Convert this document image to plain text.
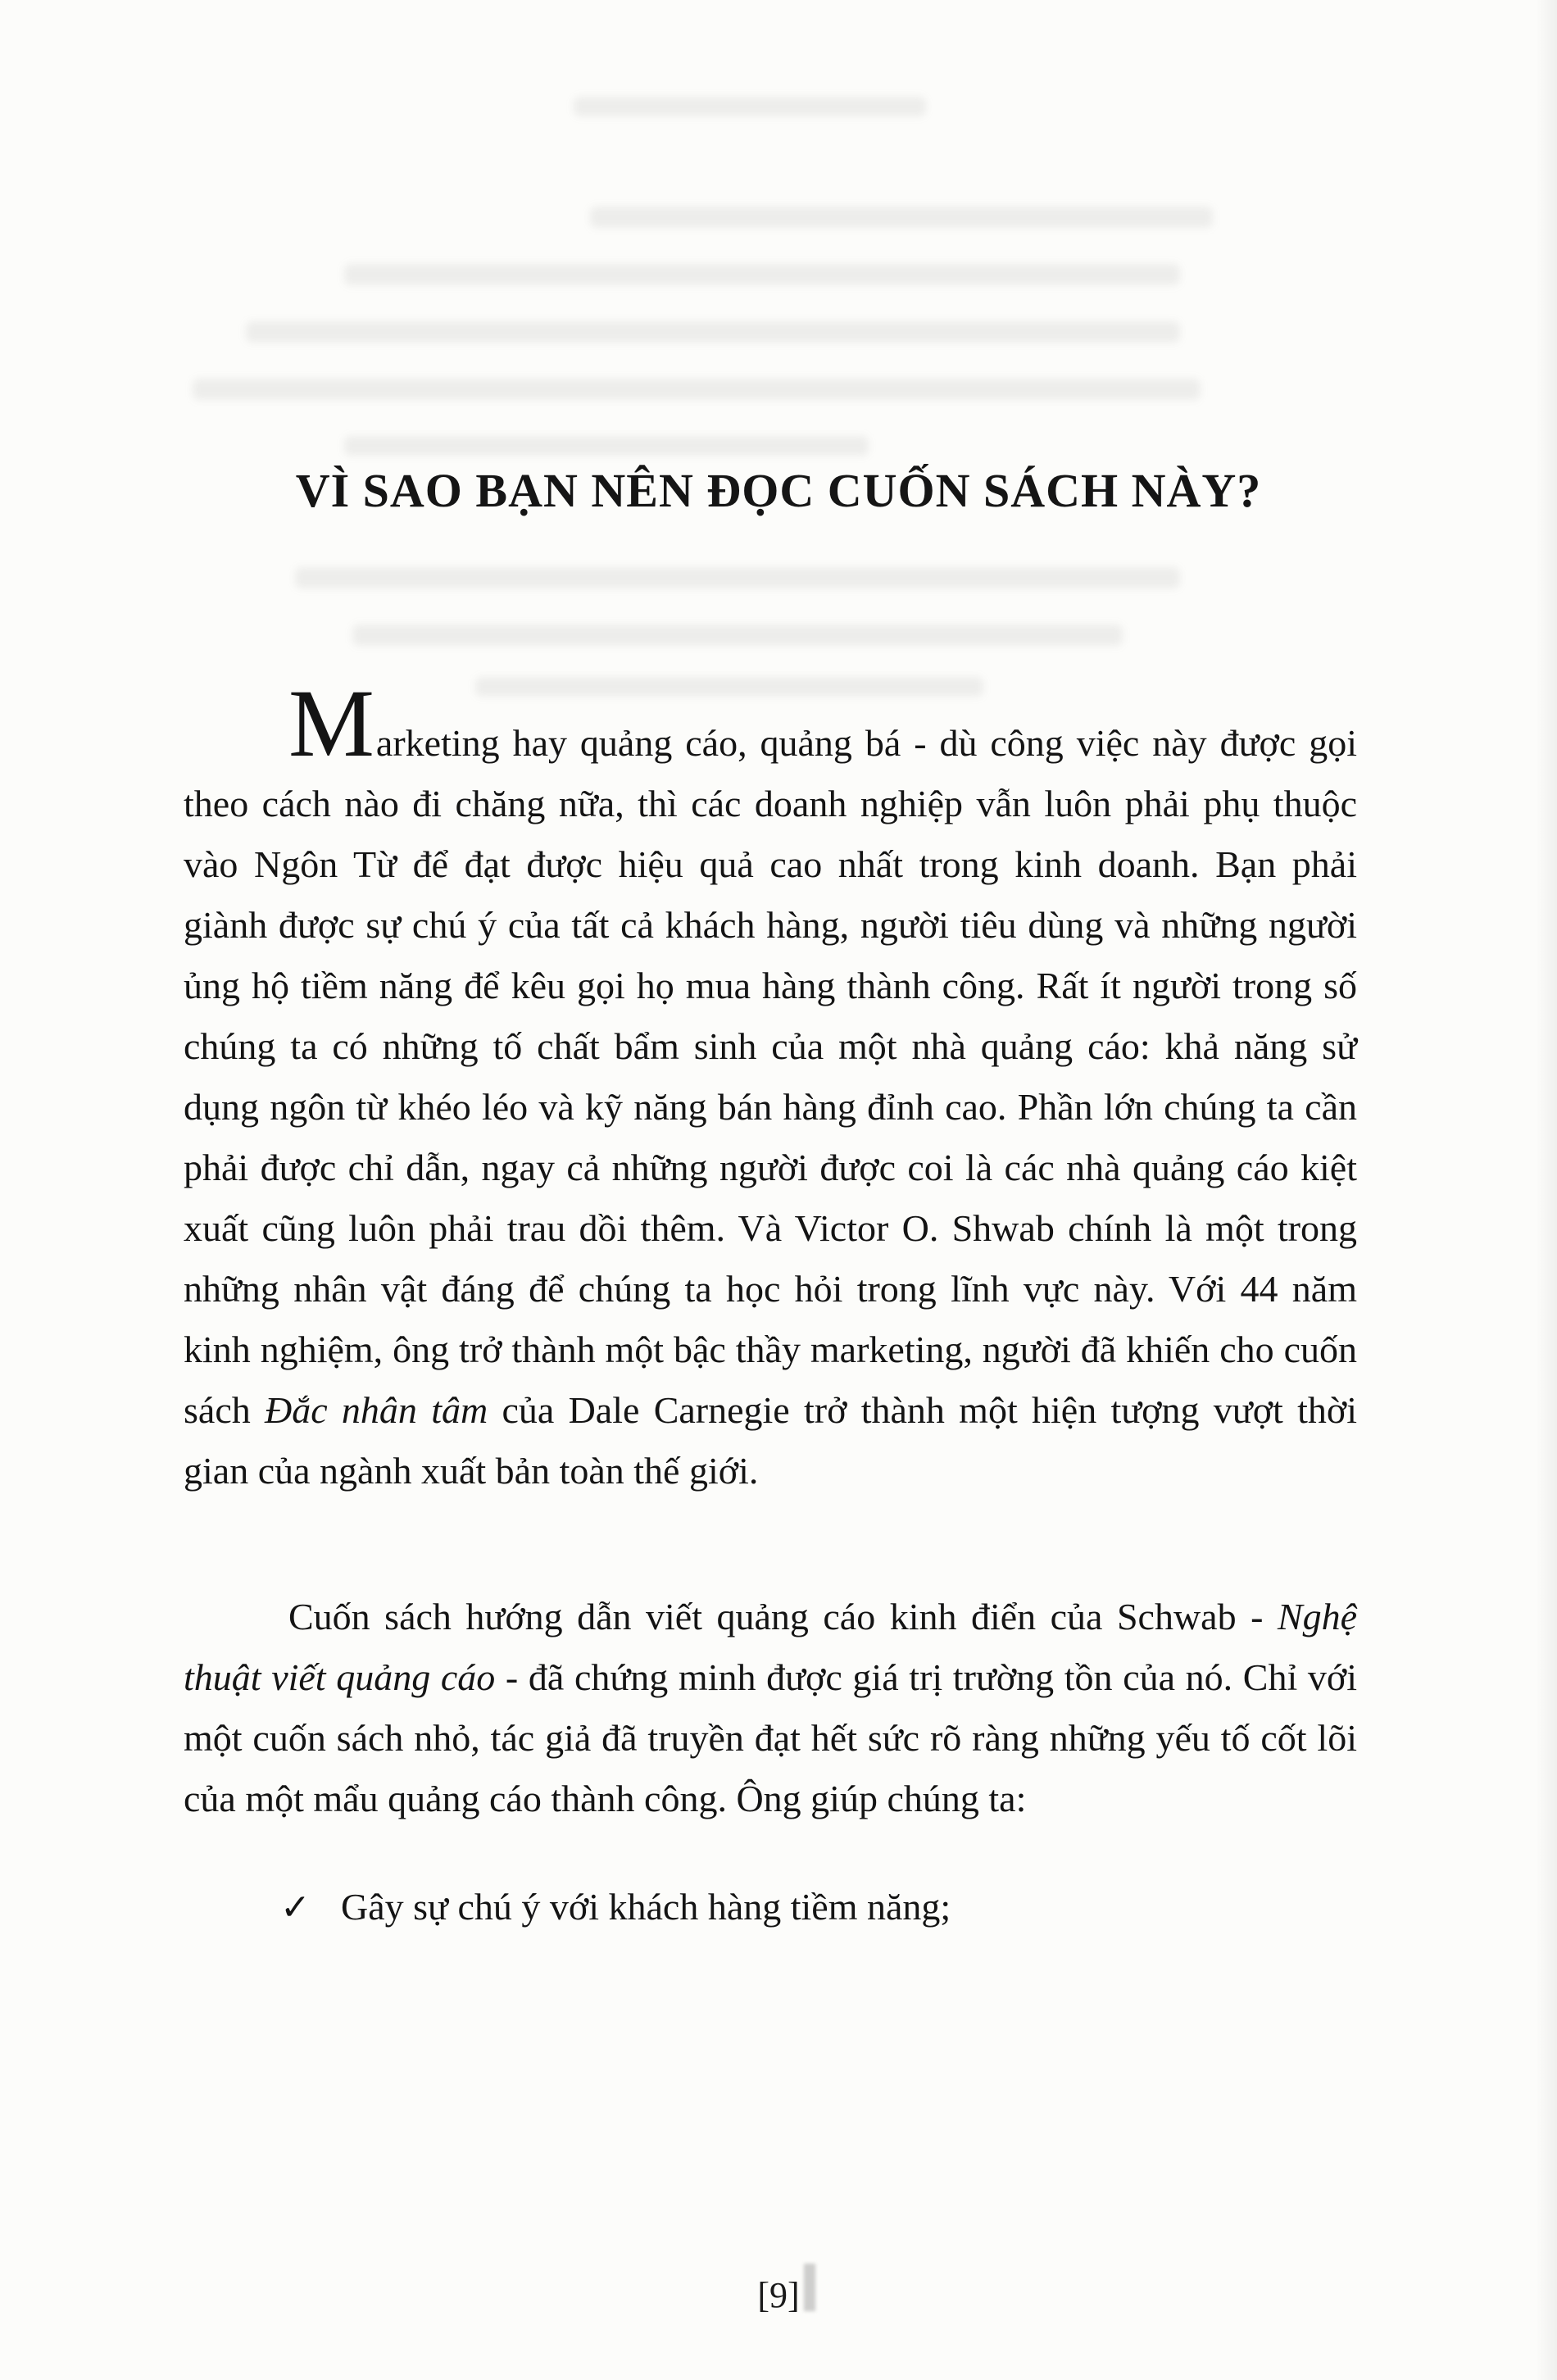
VÌ SAO BẠN NÊN ĐỌC CUỐN SÁCH NÀY?

Marketing hay quảng cáo, quảng bá - dù công việc này được gọi theo cách nào đi chăng nữa, thì các doanh nghiệp vẫn luôn phải phụ thuộc vào Ngôn Từ để đạt được hiệu quả cao nhất trong kinh doanh. Bạn phải giành được sự chú ý của tất cả khách hàng, người tiêu dùng và những người ủng hộ tiềm năng để kêu gọi họ mua hàng thành công. Rất ít người trong số chúng ta có những tố chất bẩm sinh của một nhà quảng cáo: khả năng sử dụng ngôn từ khéo léo và kỹ năng bán hàng đỉnh cao. Phần lớn chúng ta cần phải được chỉ dẫn, ngay cả những người được coi là các nhà quảng cáo kiệt xuất cũng luôn phải trau dồi thêm. Và Victor O. Shwab chính là một trong những nhân vật đáng để chúng ta học hỏi trong lĩnh vực này. Với 44 năm kinh nghiệm, ông trở thành một bậc thầy marketing, người đã khiến cho cuốn sách Đắc nhân tâm của Dale Carnegie trở thành một hiện tượng vượt thời gian của ngành xuất bản toàn thế giới.

Cuốn sách hướng dẫn viết quảng cáo kinh điển của Schwab - Nghệ thuật viết quảng cáo - đã chứng minh được giá trị trường tồn của nó. Chỉ với một cuốn sách nhỏ, tác giả đã truyền đạt hết sức rõ ràng những yếu tố cốt lõi của một mẩu quảng cáo thành công. Ông giúp chúng ta:

✓ Gây sự chú ý với khách hàng tiềm năng;
[9]
